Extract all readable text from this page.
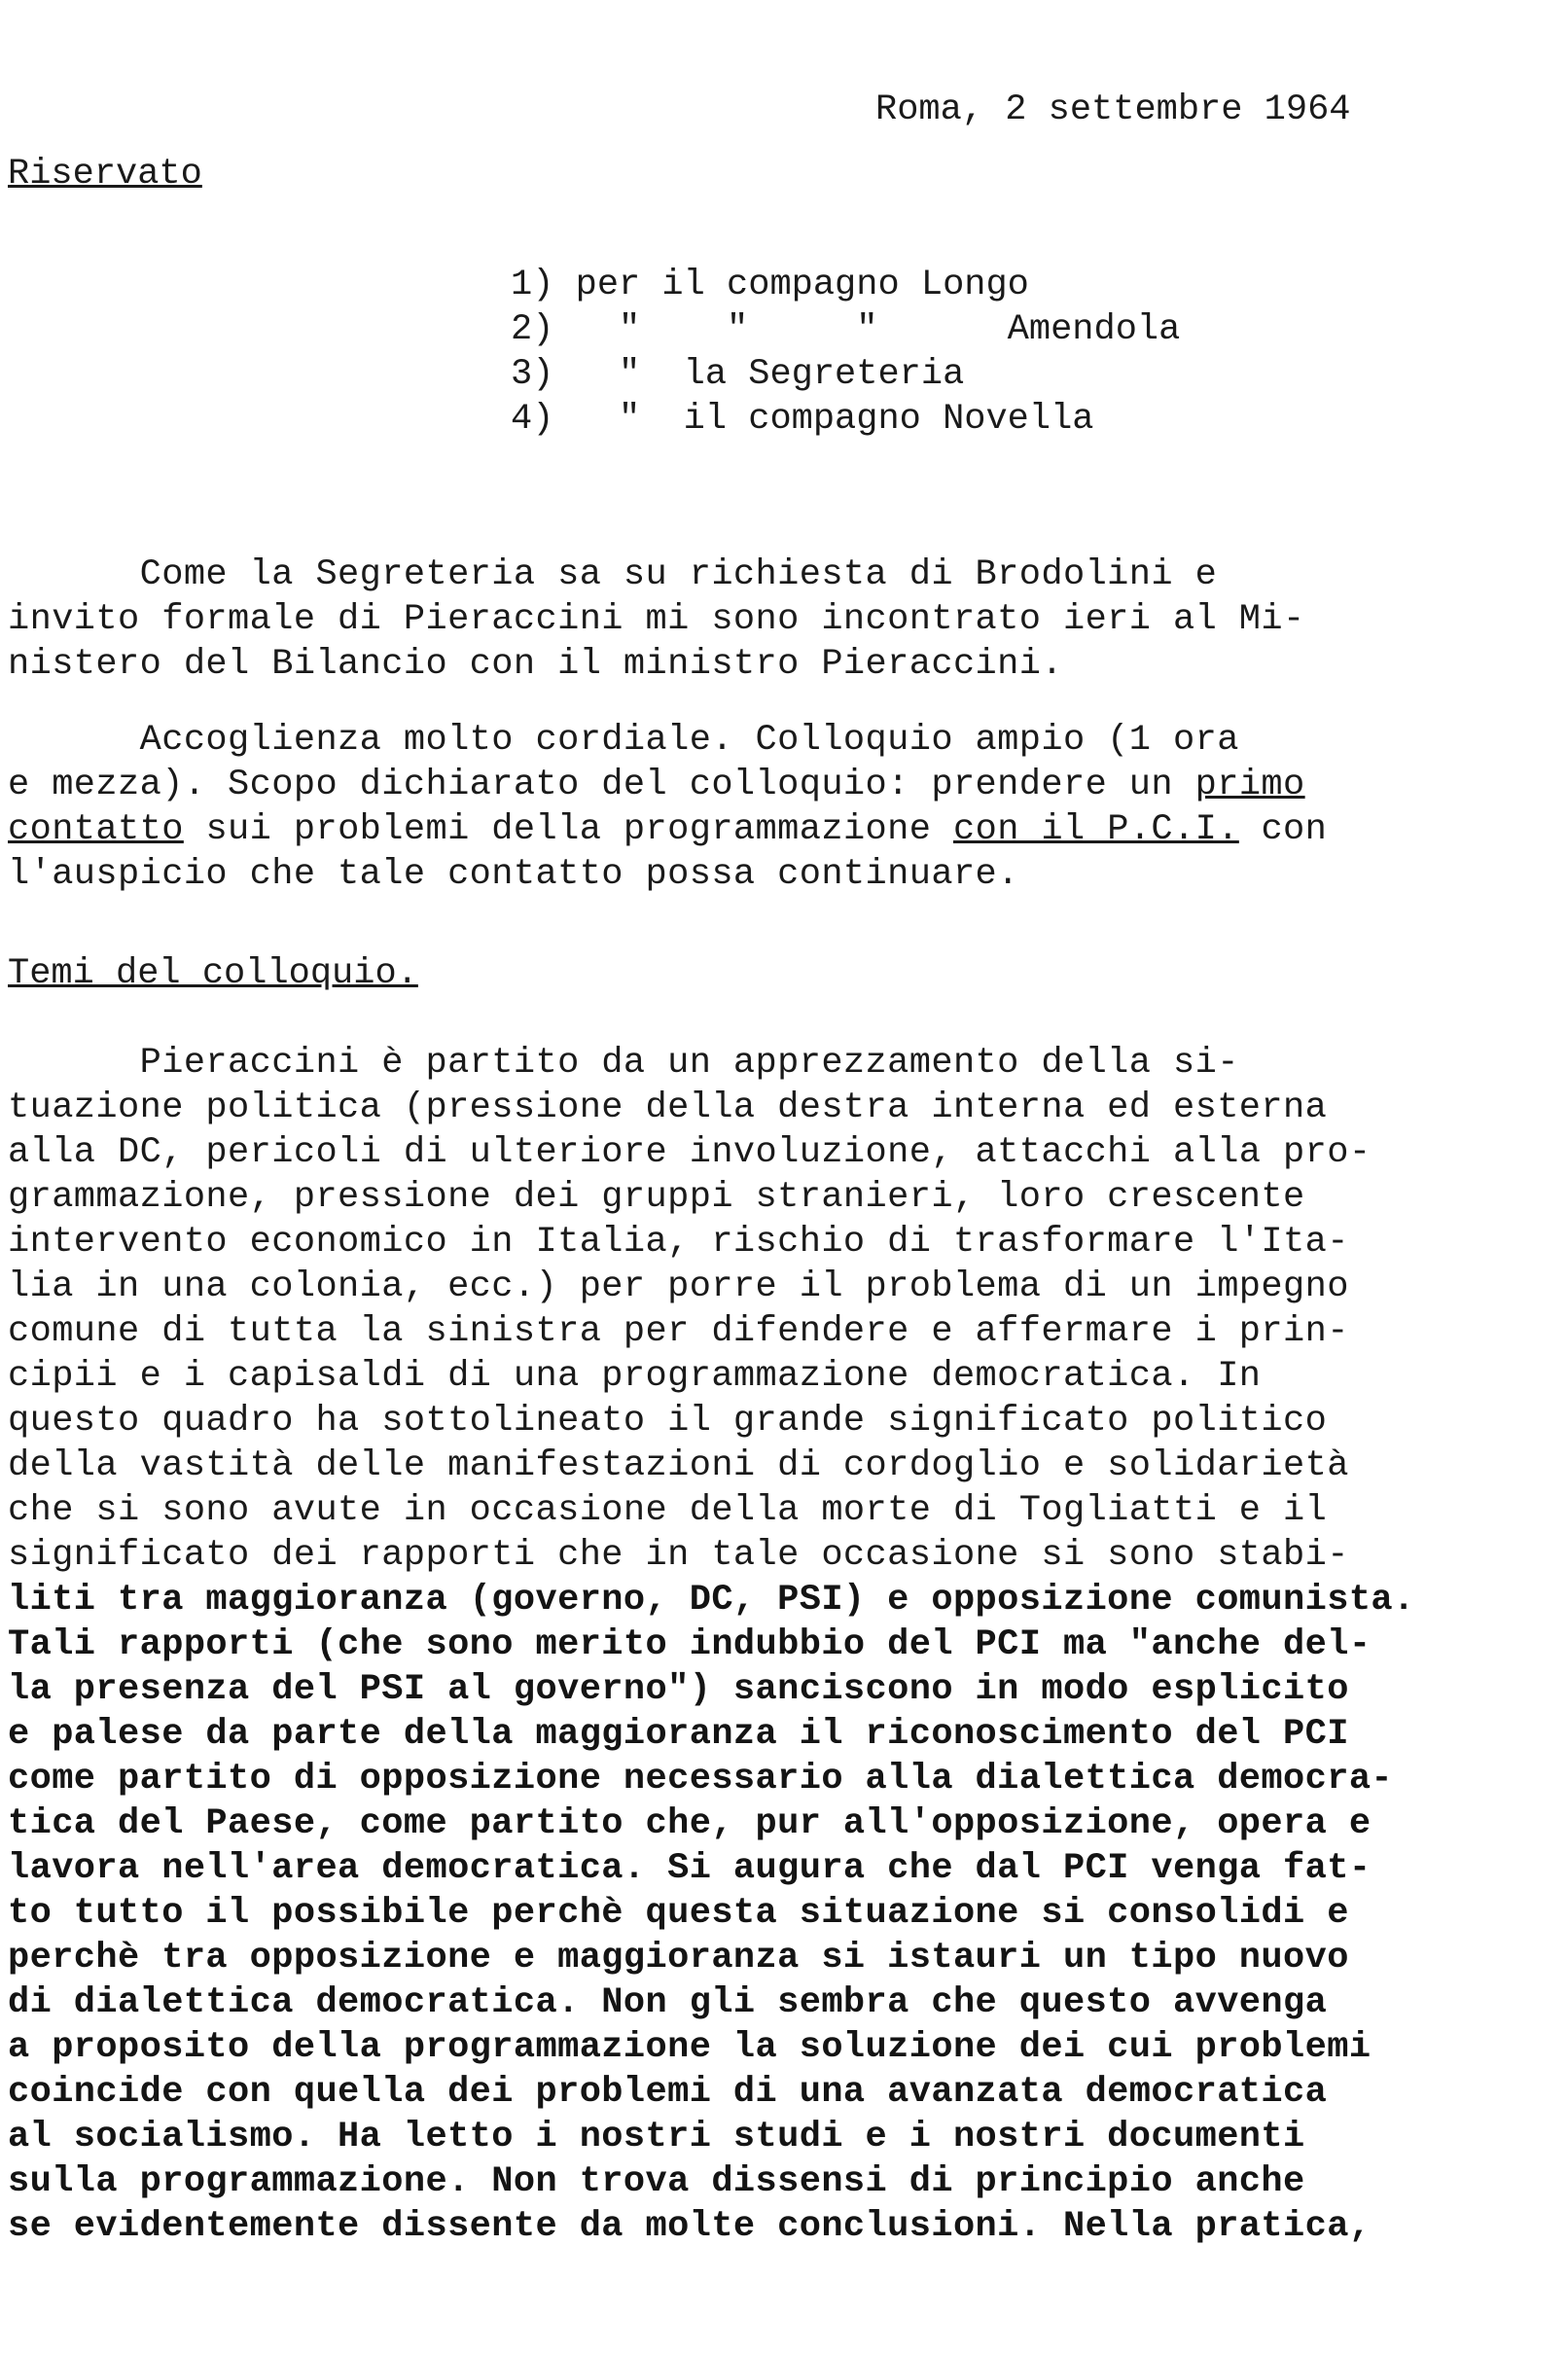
Roma, 2 settembre 1964
Riservato
1) per il compagno Longo
2)   "    "     "      Amendola
3)   "  la Segreteria
4)   "  il compagno Novella
Come la Segreteria sa su richiesta di Brodolini e
invito formale di Pieraccini mi sono incontrato ieri al Mi-
nistero del Bilancio con il ministro Pieraccini.
Accoglienza molto cordiale. Colloquio ampio (1 ora
e mezza). Scopo dichiarato del colloquio: prendere un primo
contatto sui problemi della programmazione con il P.C.I. con
l'auspicio che tale contatto possa continuare.
Temi del colloquio.
Pieraccini è partito da un apprezzamento della si-
tuazione politica (pressione della destra interna ed esterna
alla DC, pericoli di ulteriore involuzione, attacchi alla pro-
grammazione, pressione dei gruppi stranieri, loro crescente
intervento economico in Italia, rischio di trasformare l'Ita-
lia in una colonia, ecc.) per porre il problema di un impegno
comune di tutta la sinistra per difendere e affermare i prin-
cipii e i capisaldi di una programmazione democratica. In
questo quadro ha sottolineato il grande significato politico
della vastità delle manifestazioni di cordoglio e solidarietà
che si sono avute in occasione della morte di Togliatti e il
significato dei rapporti che in tale occasione si sono stabi-
liti tra maggioranza (governo, DC, PSI) e opposizione comunista.
Tali rapporti (che sono merito indubbio del PCI ma "anche del-
la presenza del PSI al governo") sanciscono in modo esplicito
e palese da parte della maggioranza il riconoscimento del PCI
come partito di opposizione necessario alla dialettica democra-
tica del Paese, come partito che, pur all'opposizione, opera e
lavora nell'area democratica. Si augura che dal PCI venga fat-
to tutto il possibile perchè questa situazione si consolidi e
perchè tra opposizione e maggioranza si istauri un tipo nuovo
di dialettica democratica. Non gli sembra che questo avvenga
a proposito della programmazione la soluzione dei cui problemi
coincide con quella dei problemi di una avanzata democratica
al socialismo. Ha letto i nostri studi e i nostri documenti
sulla programmazione. Non trova dissensi di principio anche
se evidentemente dissente da molte conclusioni. Nella pratica,
